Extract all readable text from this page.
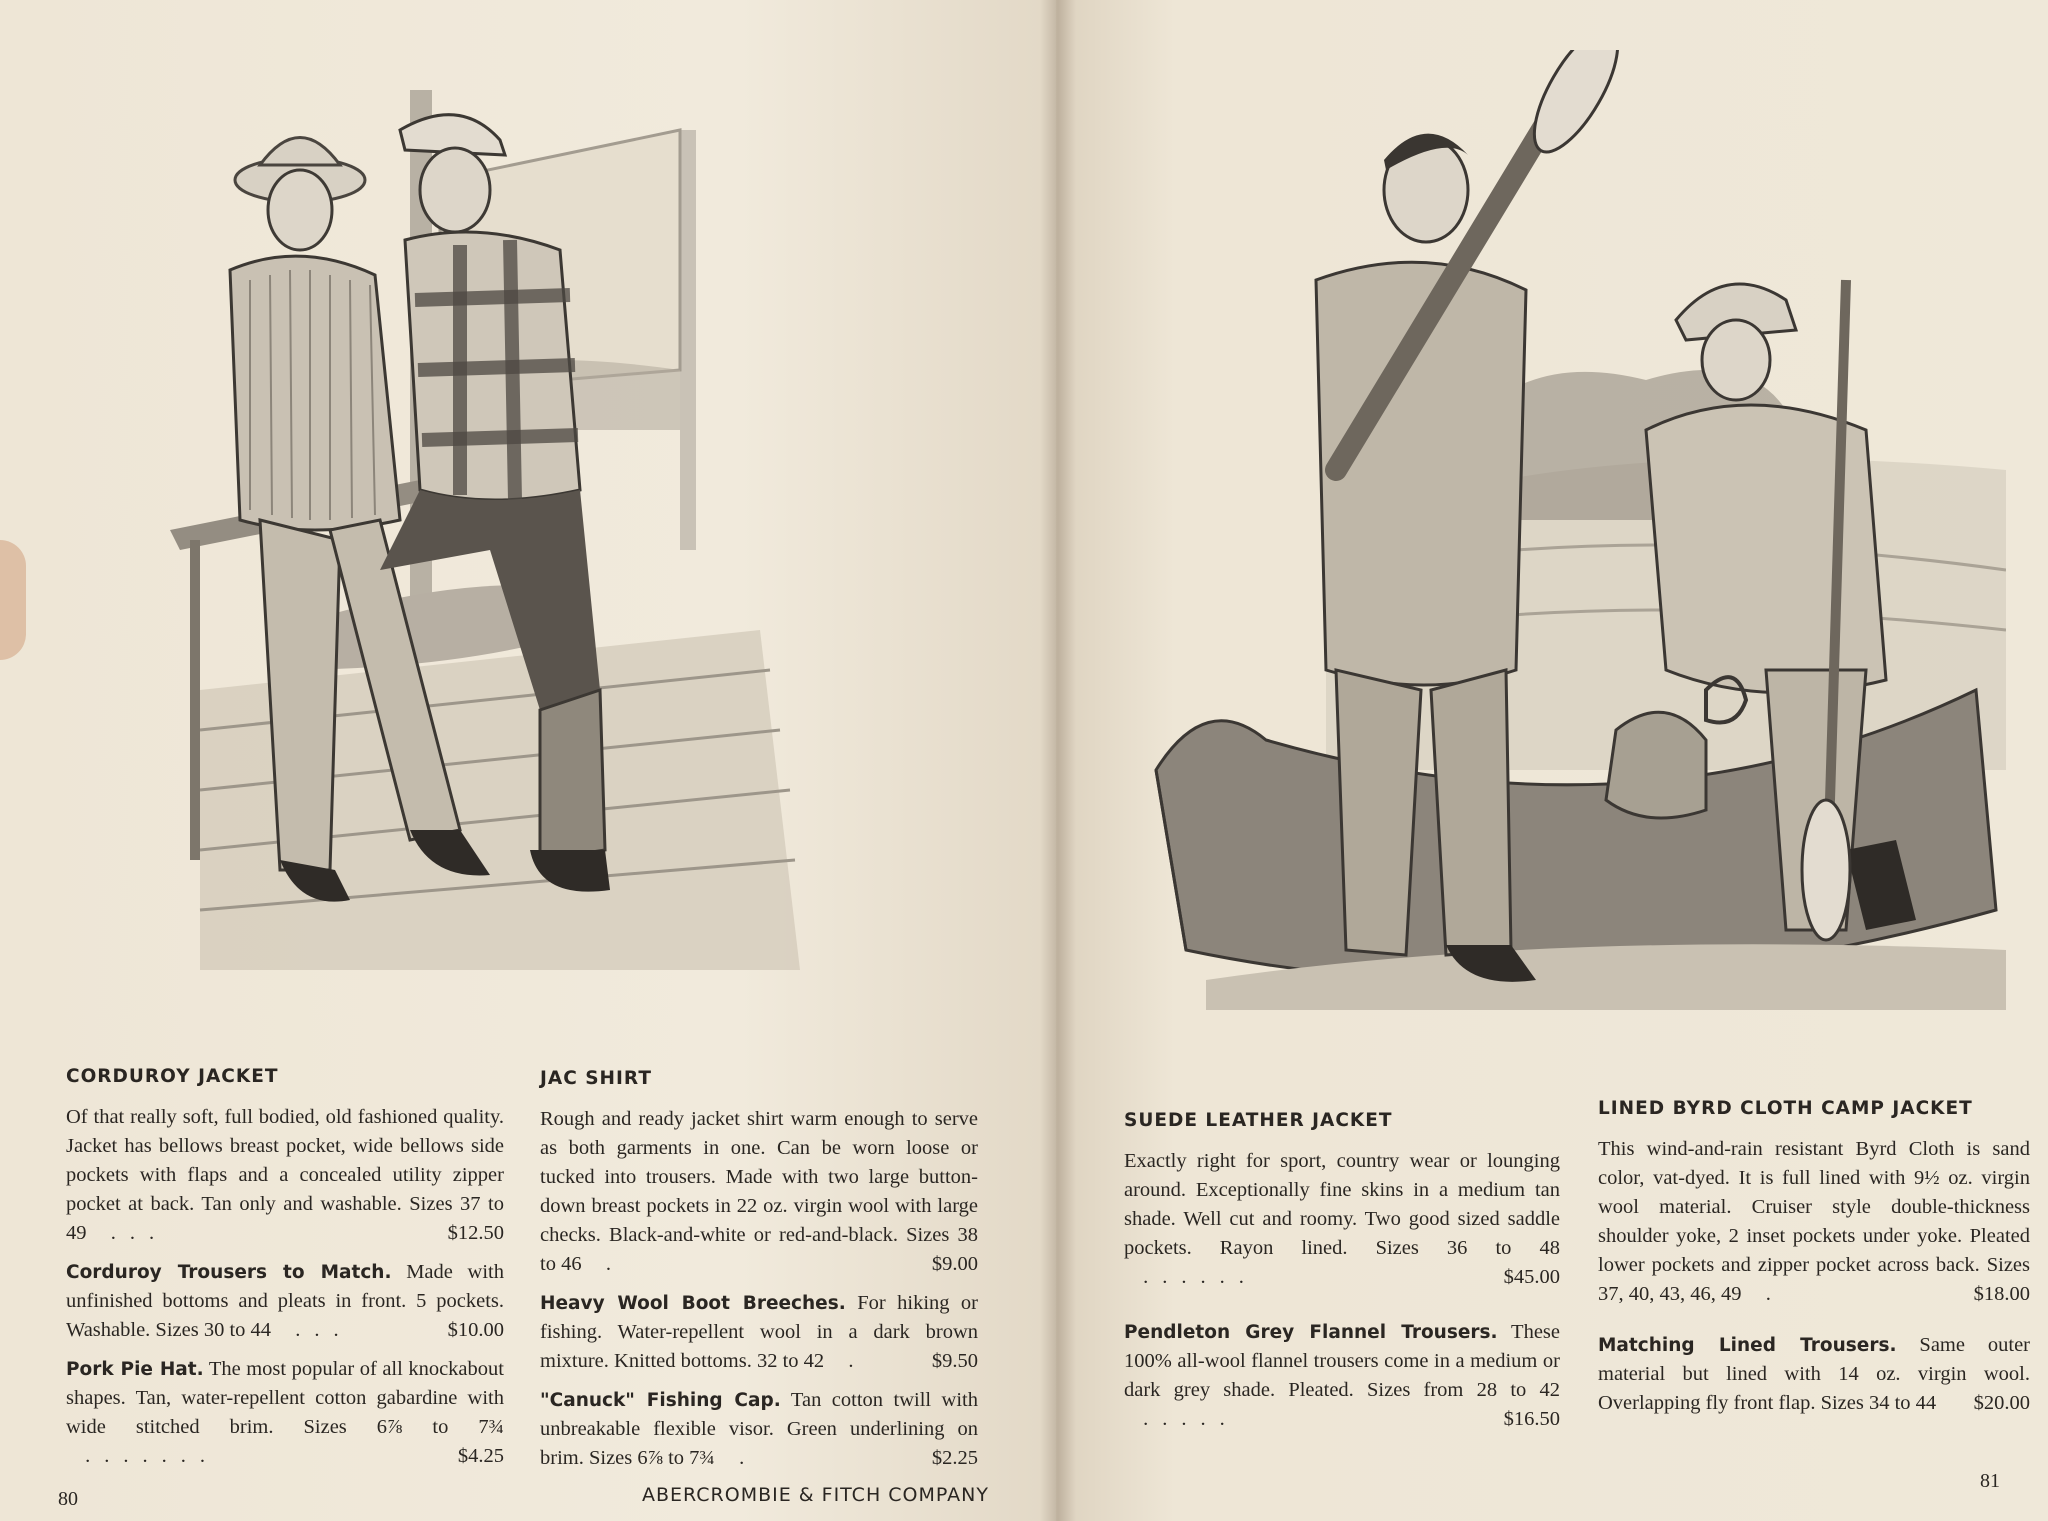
CORDUROY JACKET

Of that really soft, full bodied, old fashioned quality. Jacket has bellows breast pocket, wide bellows side pockets with flaps and a concealed utility zipper pocket at back. Tan only and washable. Sizes 37 to 49  ...	$12.50

Corduroy Trousers to Match. Made with unfinished bottoms and pleats in front. 5 pockets. Washable. Sizes 30 to 44  ...	$10.00

Pork Pie Hat. The most popular of all knockabout shapes. Tan, water-repellent cotton gabardine with wide stitched brim. Sizes 6⅞ to 7¾  .......	$4.25

JAC SHIRT

Rough and ready jacket shirt warm enough to serve as both garments in one. Can be worn loose or tucked into trousers. Made with two large button-down breast pockets in 22 oz. virgin wool with large checks. Black-and-white or red-and-black. Sizes 38 to 46  .	$9.00

Heavy Wool Boot Breeches. For hiking or fishing. Water-repellent wool in a dark brown mixture. Knitted bottoms. 32 to 42  .	$9.50

"Canuck" Fishing Cap. Tan cotton twill with unbreakable flexible visor. Green underlining on brim. Sizes 6⅞ to 7¾  .	$2.25

80	ABERCROMBIE & FITCH COMPANY
SUEDE LEATHER JACKET

Exactly right for sport, country wear or lounging around. Exceptionally fine skins in a medium tan shade. Well cut and roomy. Two good sized saddle pockets. Rayon lined. Sizes 36 to 48  ......	$45.00

Pendleton Grey Flannel Trousers. These 100% all-wool flannel trousers come in a medium or dark grey shade. Pleated. Sizes from 28 to 42  .....	$16.50

LINED BYRD CLOTH CAMP JACKET

This wind-and-rain resistant Byrd Cloth is sand color, vat-dyed. It is full lined with 9½ oz. virgin wool material. Cruiser style double-thickness shoulder yoke, 2 inset pockets under yoke. Pleated lower pockets and zipper pocket across back. Sizes 37, 40, 43, 46, 49  .	$18.00

Matching Lined Trousers. Same outer material but lined with 14 oz. virgin wool. Overlapping fly front flap. Sizes 34 to 44 $20.00

81
